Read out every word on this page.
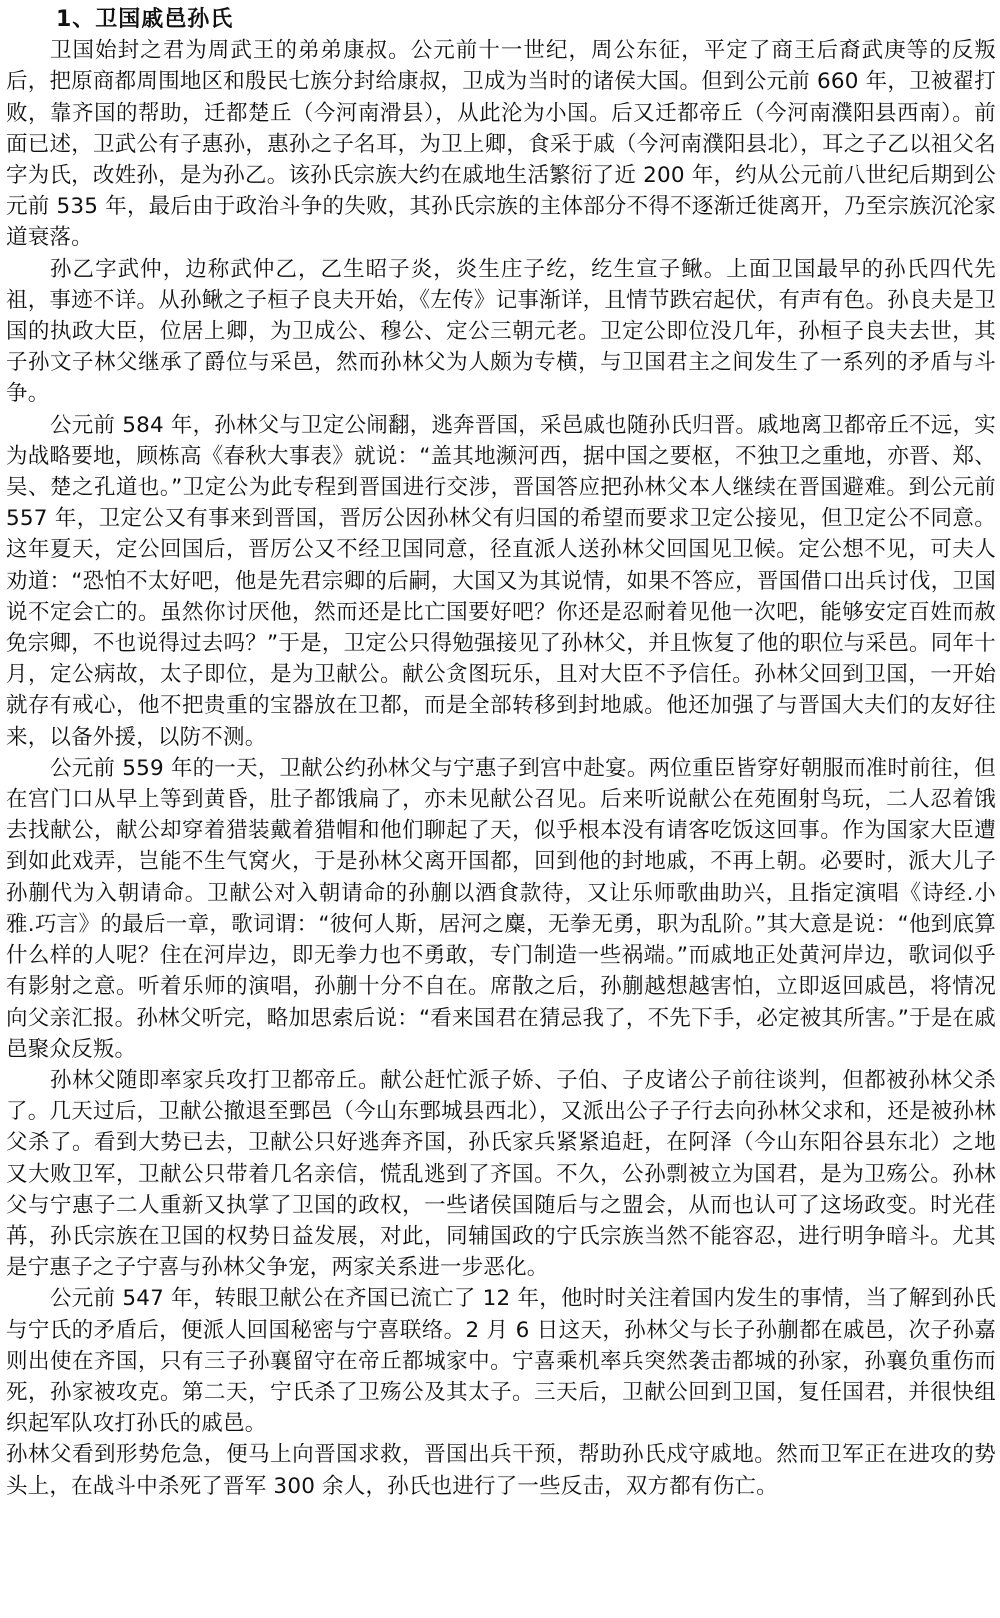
1、卫国戚邑孙氏

卫国始封之君为周武王的弟弟康叔。公元前十一世纪，周公东征，平定了商王后裔武庚等的反叛后，把原商都周围地区和殷民七族分封给康叔，卫成为当时的诸侯大国。但到公元前 660 年，卫被翟打败，靠齐国的帮助，迁都楚丘（今河南滑县），从此沦为小国。后又迁都帝丘（今河南濮阳县西南）。前面已述，卫武公有子惠孙，惠孙之子名耳，为卫上卿，食采于戚（今河南濮阳县北），耳之子乙以祖父名字为氏，改姓孙，是为孙乙。该孙氏宗族大约在戚地生活繁衍了近 200 年，约从公元前八世纪后期到公元前 535 年，最后由于政治斗争的失败，其孙氏宗族的主体部分不得不逐渐迁徙离开，乃至宗族沉沦家道衰落。

孙乙字武仲，边称武仲乙，乙生昭子炎，炎生庄子纥，纥生宣子鳅。上面卫国最早的孙氏四代先祖，事迹不详。从孙鳅之子桓子良夫开始，《左传》记事渐详，且情节跌宕起伏，有声有色。孙良夫是卫国的执政大臣，位居上卿，为卫成公、穆公、定公三朝元老。卫定公即位没几年，孙桓子良夫去世，其子孙文子林父继承了爵位与采邑，然而孙林父为人颇为专横，与卫国君主之间发生了一系列的矛盾与斗争。

公元前 584 年，孙林父与卫定公闹翻，逃奔晋国，采邑戚也随孙氏归晋。戚地离卫都帝丘不远，实为战略要地，顾栋高《春秋大事表》就说：“盖其地濒河西，据中国之要枢，不独卫之重地，亦晋、郑、吴、楚之孔道也。”卫定公为此专程到晋国进行交涉，晋国答应把孙林父本人继续在晋国避难。到公元前 557 年，卫定公又有事来到晋国，晋厉公因孙林父有归国的希望而要求卫定公接见，但卫定公不同意。这年夏天，定公回国后，晋厉公又不经卫国同意，径直派人送孙林父回国见卫候。定公想不见，可夫人劝道：“恐怕不太好吧，他是先君宗卿的后嗣，大国又为其说情，如果不答应，晋国借口出兵讨伐，卫国说不定会亡的。虽然你讨厌他，然而还是比亡国要好吧？你还是忍耐着见他一次吧，能够安定百姓而赦免宗卿，不也说得过去吗？”于是，卫定公只得勉强接见了孙林父，并且恢复了他的职位与采邑。同年十月，定公病故，太子即位，是为卫献公。献公贪图玩乐，且对大臣不予信任。孙林父回到卫国，一开始就存有戒心，他不把贵重的宝器放在卫都，而是全部转移到封地戚。他还加强了与晋国大夫们的友好往来，以备外援，以防不测。

公元前 559 年的一天，卫献公约孙林父与宁惠子到宫中赴宴。两位重臣皆穿好朝服而准时前往，但在宫门口从早上等到黄昏，肚子都饿扁了，亦未见献公召见。后来听说献公在苑囿射鸟玩，二人忍着饿去找献公，献公却穿着猎装戴着猎帽和他们聊起了天，似乎根本没有请客吃饭这回事。作为国家大臣遭到如此戏弄，岂能不生气窝火，于是孙林父离开国都，回到他的封地戚，不再上朝。必要时，派大儿子孙蒯代为入朝请命。卫献公对入朝请命的孙蒯以酒食款待，又让乐师歌曲助兴，且指定演唱《诗经.小雅.巧言》的最后一章，歌词谓：“彼何人斯，居河之麋，无拳无勇，职为乱阶。”其大意是说：“他到底算什么样的人呢？住在河岸边，即无拳力也不勇敢，专门制造一些祸端。”而戚地正处黄河岸边，歌词似乎有影射之意。听着乐师的演唱，孙蒯十分不自在。席散之后，孙蒯越想越害怕，立即返回戚邑，将情况向父亲汇报。孙林父听完，略加思索后说：“看来国君在猜忌我了，不先下手，必定被其所害。”于是在戚邑聚众反叛。

孙林父随即率家兵攻打卫都帝丘。献公赶忙派子娇、子伯、子皮诸公子前往谈判，但都被孙林父杀了。几天过后，卫献公撤退至鄄邑（今山东鄄城县西北），又派出公子子行去向孙林父求和，还是被孙林父杀了。看到大势已去，卫献公只好逃奔齐国，孙氏家兵紧紧追赶，在阿泽（今山东阳谷县东北）之地又大败卫军，卫献公只带着几名亲信，慌乱逃到了齐国。不久，公孙剽被立为国君，是为卫殇公。孙林父与宁惠子二人重新又执掌了卫国的政权，一些诸侯国随后与之盟会，从而也认可了这场政变。时光荏苒，孙氏宗族在卫国的权势日益发展，对此，同辅国政的宁氏宗族当然不能容忍，进行明争暗斗。尤其是宁惠子之子宁喜与孙林父争宠，两家关系进一步恶化。

公元前 547 年，转眼卫献公在齐国已流亡了 12 年，他时时关注着国内发生的事情，当了解到孙氏与宁氏的矛盾后，便派人回国秘密与宁喜联络。2 月 6 日这天，孙林父与长子孙蒯都在戚邑，次子孙嘉则出使在齐国，只有三子孙襄留守在帝丘都城家中。宁喜乘机率兵突然袭击都城的孙家，孙襄负重伤而死，孙家被攻克。第二天，宁氏杀了卫殇公及其太子。三天后，卫献公回到卫国，复任国君，并很快组织起军队攻打孙氏的戚邑。

孙林父看到形势危急，便马上向晋国求救，晋国出兵干预，帮助孙氏戍守戚地。然而卫军正在进攻的势头上，在战斗中杀死了晋军 300 余人，孙氏也进行了一些反击，双方都有伤亡。
